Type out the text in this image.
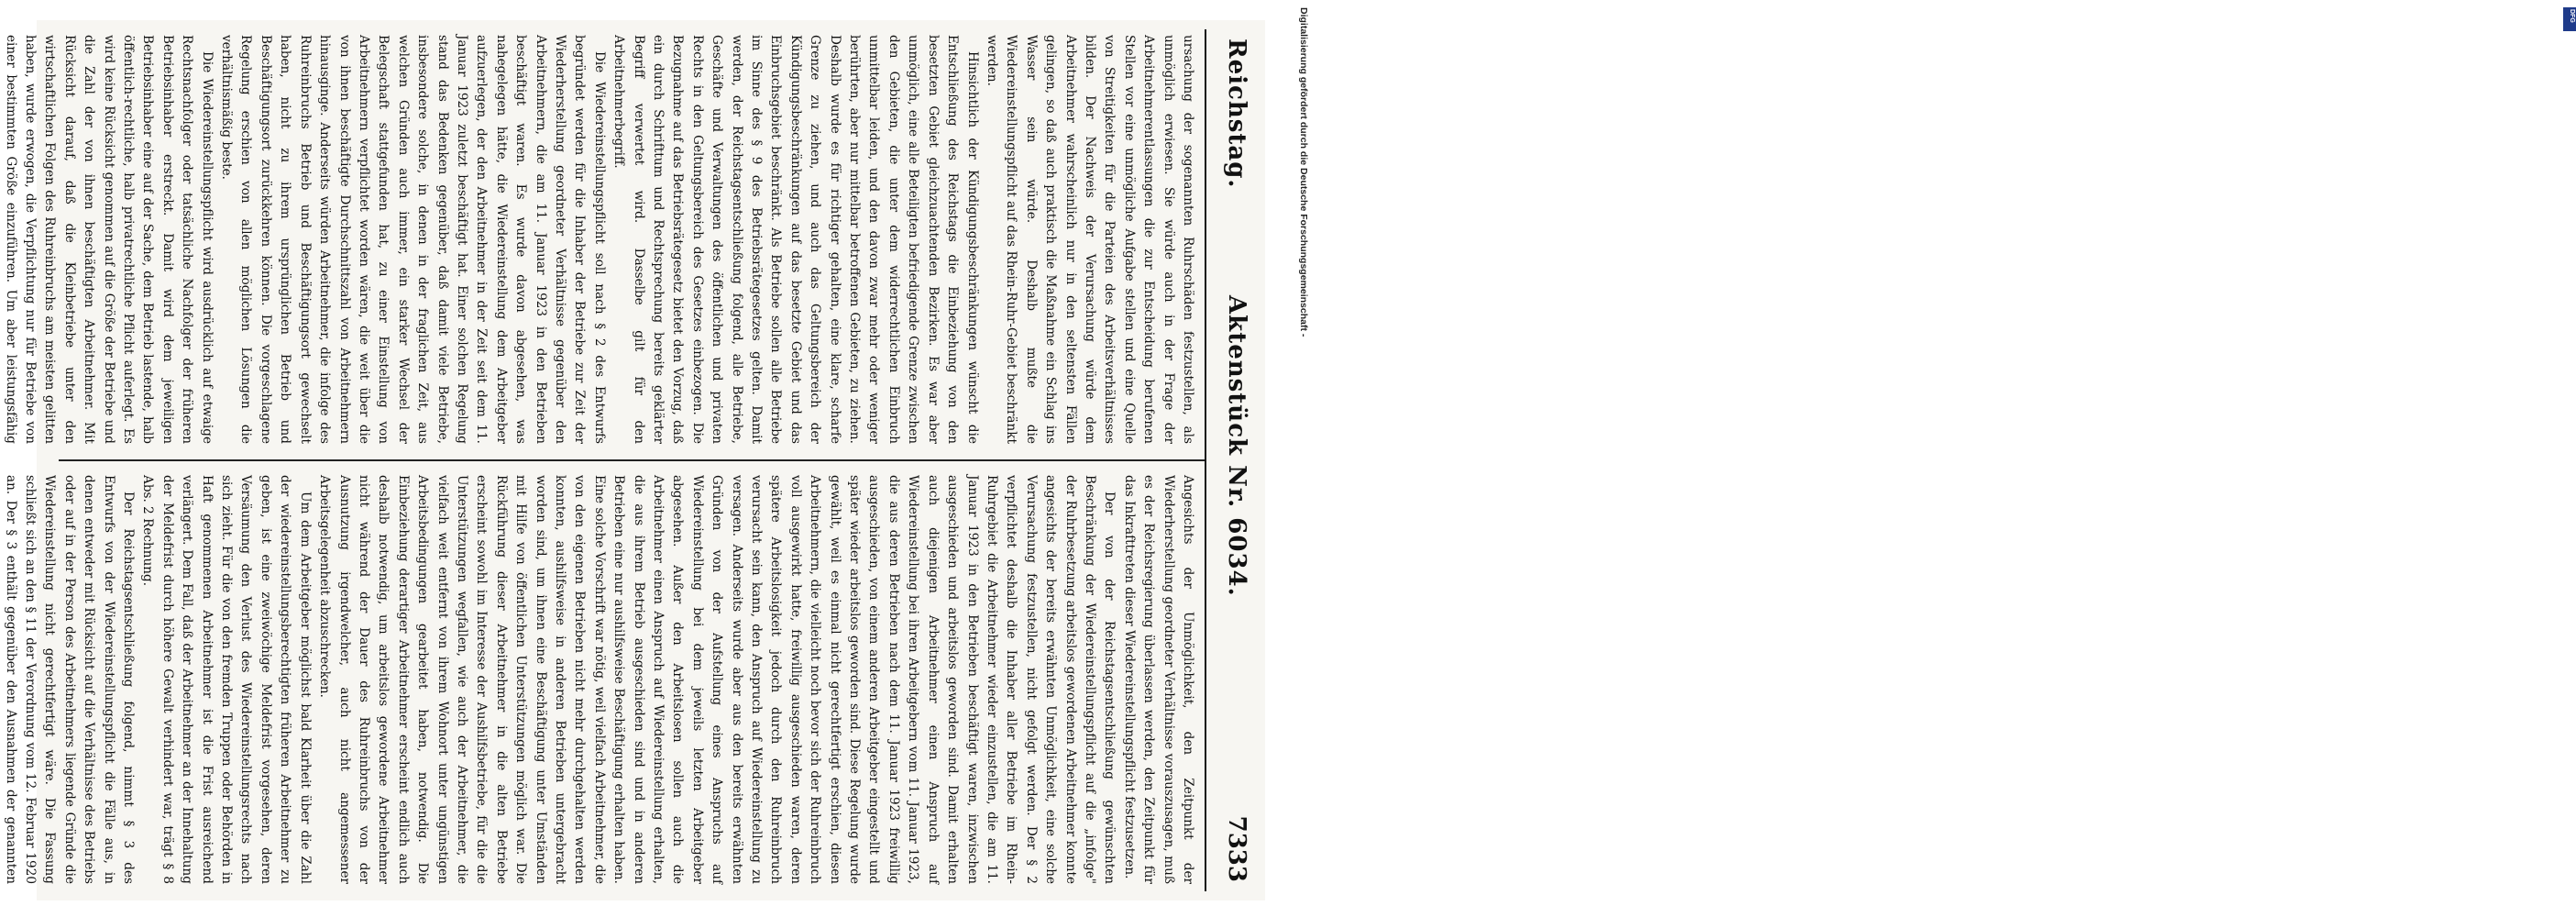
Reichstag.
Aktenstück Nr. 6034.
7333

ursachung der sogenannten Ruhrschäden festzustellen, als unmöglich erwiesen. Sie würde auch in der Frage der Arbeitnehmerentlassungen die zur Entscheidung berufenen Stellen vor eine unmögliche Aufgabe stellen und eine Quelle von Streitigkeiten für die Parteien des Arbeitsverhältnisses bilden. Der Nachweis der Verursachung würde dem Arbeitnehmer wahrscheinlich nur in den seltensten Fällen gelingen, so daß auch praktisch die Maßnahme ein Schlag ins Wasser sein würde. Deshalb mußte die Wiedereinstellungspflicht auf das Rhein-Ruhr-Gebiet beschränkt werden.

Hinsichtlich der Kündigungsbeschränkungen wünscht die Entschließung des Reichstags die Einbeziehung von den besetzten Gebiet gleichzuachtenden Bezirken. Es war aber unmöglich, eine alle Beteiligten befriedigende Grenze zwischen den Gebieten, die unter dem widerrechtlichen Einbruch unmittelbar leiden, und den davon zwar mehr oder weniger berührten, aber nur mittelbar betroffenen Gebieten, zu ziehen. Deshalb wurde es für richtiger gehalten, eine klare, scharfe Grenze zu ziehen, und auch das Geltungsbereich der Kündigungsbeschränkungen auf das besetzte Gebiet und das Einbruchsgebiet beschränkt. Als Betriebe sollen alle Betriebe im Sinne des § 9 des Betriebsrätegesetzes gelten. Damit werden, der Reichstagsentschließung folgend, alle Betriebe, Geschäfte und Verwaltungen des öffentlichen und privaten Rechts in den Geltungsbereich des Gesetzes einbezogen. Die Bezugnahme auf das Betriebsrätegesetz bietet den Vorzug, daß ein durch Schrifttum und Rechtsprechung bereits geklärter Begriff verwertet wird. Dasselbe gilt für den Arbeitnehmerbegriff.

Die Wiedereinstellungspflicht soll nach § 2 des Entwurfs begründet werden für die Inhaber der Betriebe zur Zeit der Wiederherstellung geordneter Verhältnisse gegenüber den Arbeitnehmern, die am 11. Januar 1923 in den Betrieben beschäftigt waren. Es wurde davon abgesehen, was nahegelegen hätte, die Wiedereinstellung dem Arbeitgeber aufzuerlegen, der den Arbeitnehmer in der Zeit seit dem 11. Januar 1923 zuletzt beschäftigt hat. Einer solchen Regelung stand das Bedenken gegenüber, daß damit viele Betriebe, insbesondere solche, in denen in der fraglichen Zeit, aus welchen Gründen auch immer, ein starker Wechsel der Belegschaft stattgefunden hat, zu einer Einstellung von Arbeitnehmern verpflichtet worden wären, die weit über die von ihnen beschäftigte Durchschnittszahl von Arbeitnehmern hinausginge. Anderseits würden Arbeitnehmer, die infolge des Ruhreinbruchs Betrieb und Beschäftigungsort gewechselt haben, nicht zu ihrem ursprünglichen Betrieb und Beschäftigungsort zurückkehren können. Die vorgeschlagene Regelung erschien von allen möglichen Lösungen die verhältnismäßig beste.

Die Wiedereinstellungspflicht wird ausdrücklich auf etwaige Rechtsnachfolger oder tatsächliche Nachfolger der früheren Betriebsinhaber erstreckt. Damit wird dem jeweiligen Betriebsinhaber eine auf der Sache, dem Betrieb lastende, halb öffentlich-rechtliche, halb privatrechtliche Pflicht auferlegt. Es wird keine Rücksicht genommen auf die Größe der Betriebe und die Zahl der von ihnen beschäftigten Arbeitnehmer. Mit Rücksicht darauf, daß die Kleinbetriebe unter den wirtschaftlichen Folgen des Ruhreinbruchs am meisten gelitten haben, wurde erwogen, die Verpflichtung nur für Betriebe von einer bestimmten Größe einzuführen. Um aber leistungsfähig

Angesichts der Unmöglichkeit, den Zeitpunkt der Wiederherstellung geordneter Verhältnisse vorauszusagen, muß es der Reichsregierung überlassen werden, den Zeitpunkt für das Inkrafttreten dieser Wiedereinstellungspflicht festzusetzen.

Der von der Reichstagsentschließung gewünschten Beschränkung der Wiedereinstellungspflicht auf die „infolge" der Ruhrbesetzung arbeitslos gewordenen Arbeitnehmer konnte angesichts der bereits erwähnten Unmöglichkeit, eine solche Verursachung festzustellen, nicht gefolgt werden. Der § 2 verpflichtet deshalb die Inhaber aller Betriebe im Rhein-Ruhrgebiet die Arbeitnehmer wieder einzustellen, die am 11. Januar 1923 in den Betrieben beschäftigt waren, inzwischen ausgeschieden und arbeitslos geworden sind. Damit erhalten auch diejenigen Arbeitnehmer einen Anspruch auf Wiedereinstellung bei ihren Arbeitgebern vom 11. Januar 1923, die aus deren Betrieben nach dem 11. Januar 1923 freiwillig ausgeschieden, von einem anderen Arbeitgeber eingestellt und später wieder arbeitslos geworden sind. Diese Regelung wurde gewählt, weil es einmal nicht gerechtfertigt erschien, diesen Arbeitnehmern, die vielleicht noch bevor sich der Ruhreinbruch voll ausgewirkt hatte, freiwillig ausgeschieden waren, deren spätere Arbeitslosigkeit jedoch durch den Ruhreinbruch verursacht sein kann, den Anspruch auf Wiedereinstellung zu versagen. Anderseits wurde aber aus den bereits erwähnten Gründen von der Aufstellung eines Anspruchs auf Wiedereinstellung bei dem jeweils letzten Arbeitgeber abgesehen. Außer den Arbeitslosen sollen auch die Arbeitnehmer einen Anspruch auf Wiedereinstellung erhalten, die aus ihrem Betrieb ausgeschieden sind und in anderen Betrieben eine nur aushilfsweise Beschäftigung erhalten haben. Eine solche Vorschrift war nötig, weil vielfach Arbeitnehmer, die von den eigenen Betrieben nicht mehr durchgehalten werden konnten, aushilfsweise in anderen Betrieben untergebracht worden sind, um ihnen eine Beschäftigung unter Umständen mit Hilfe von öffentlichen Unterstützungen möglich war. Die Rückführung dieser Arbeitnehmer in die alten Betriebe erscheint sowohl im Interesse der Aushilfsbetriebe, für die die Unterstützungen wegfallen, wie auch der Arbeitnehmer, die vielfach weit entfernt von ihrem Wohnort unter ungünstigen Arbeitsbedingungen gearbeitet haben, notwendig. Die Einbeziehung derartiger Arbeitnehmer erscheint endlich auch deshalb notwendig, um arbeitslos gewordene Arbeitnehmer nicht während der Dauer des Ruhreinbruchs von der Ausnutzung irgendwelcher, auch nicht angemessener Arbeitsgelegenheit abzuschrecken.

Um dem Arbeitgeber möglichst bald Klarheit über die Zahl der wiedereinstellungsberechtigten früheren Arbeitnehmer zu geben, ist eine zweiwöchige Meldefrist vorgesehen, deren Versäumung den Verlust des Wiedereinstellungsrechts nach sich zieht. Für die von den fremden Truppen oder Behörden in Haft genommenen Arbeitnehmer ist die Frist ausreichend verlängert. Dem Fall, daß der Arbeitnehmer an der Innehaltung der Meldefrist durch höhere Gewalt verhindert war, trägt § 8 Abs. 2 Rechnung.

Der Reichstagsentschließung folgend, nimmt § 3 des Entwurfs von der Wiedereinstellungspflicht die Fälle aus, in denen entweder mit Rücksicht auf die Verhältnisse des Betriebs oder auf in der Person des Arbeitnehmers liegende Gründe die Wiedereinstellung nicht gerechtfertigt wäre. Die Fassung schließt sich an den § 11 der Verordnung vom 12. Februar 1920 an. Der § 3 enthält gegenüber den Ausnahmen der genannten

Digitalisierung gefördert durch die Deutsche Forschungsgemeinschaft -	DFG
